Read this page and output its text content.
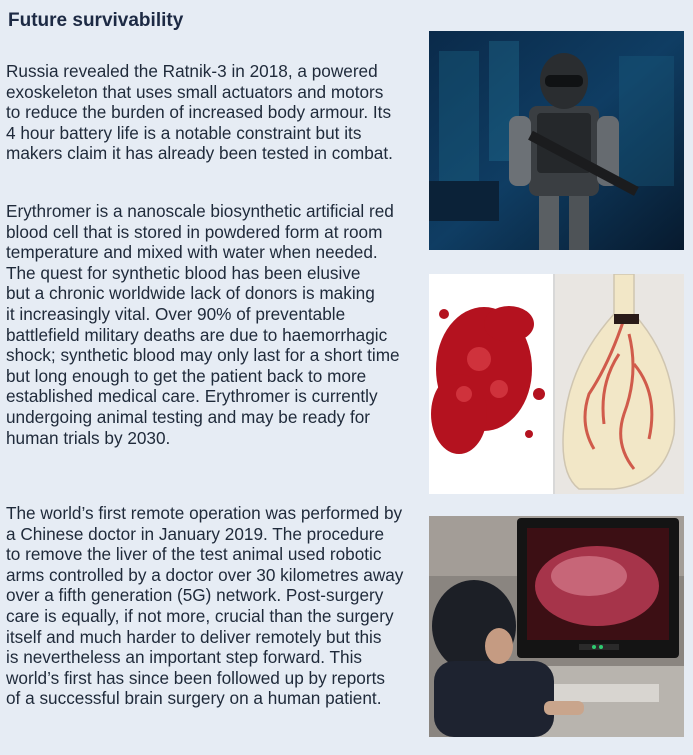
Future survivability

Russia revealed the Ratnik-3 in 2018, a powered
exoskeleton that uses small actuators and motors
to reduce the burden of increased body armour. Its
4 hour battery life is a notable constraint but its
makers claim it has already been tested in combat.

Erythromer is a nanoscale biosynthetic artificial red
blood cell that is stored in powdered form at room
temperature and mixed with water when needed.
The quest for synthetic blood has been elusive
but a chronic worldwide lack of donors is making
it increasingly vital. Over 90% of preventable
battlefield military deaths are due to haemorrhagic
shock; synthetic blood may only last for a short time
but long enough to get the patient back to more
established medical care. Erythromer is currently
undergoing animal testing and may be ready for
human trials by 2030.

The world’s first remote operation was performed by
a Chinese doctor in January 2019. The procedure
to remove the liver of the test animal used robotic
arms controlled by a doctor over 30 kilometres away
over a fifth generation (5G) network. Post-surgery
care is equally, if not more, crucial than the surgery
itself and much harder to deliver remotely but this
is nevertheless an important step forward. This
world’s first has since been followed up by reports
of a successful brain surgery on a human patient.
